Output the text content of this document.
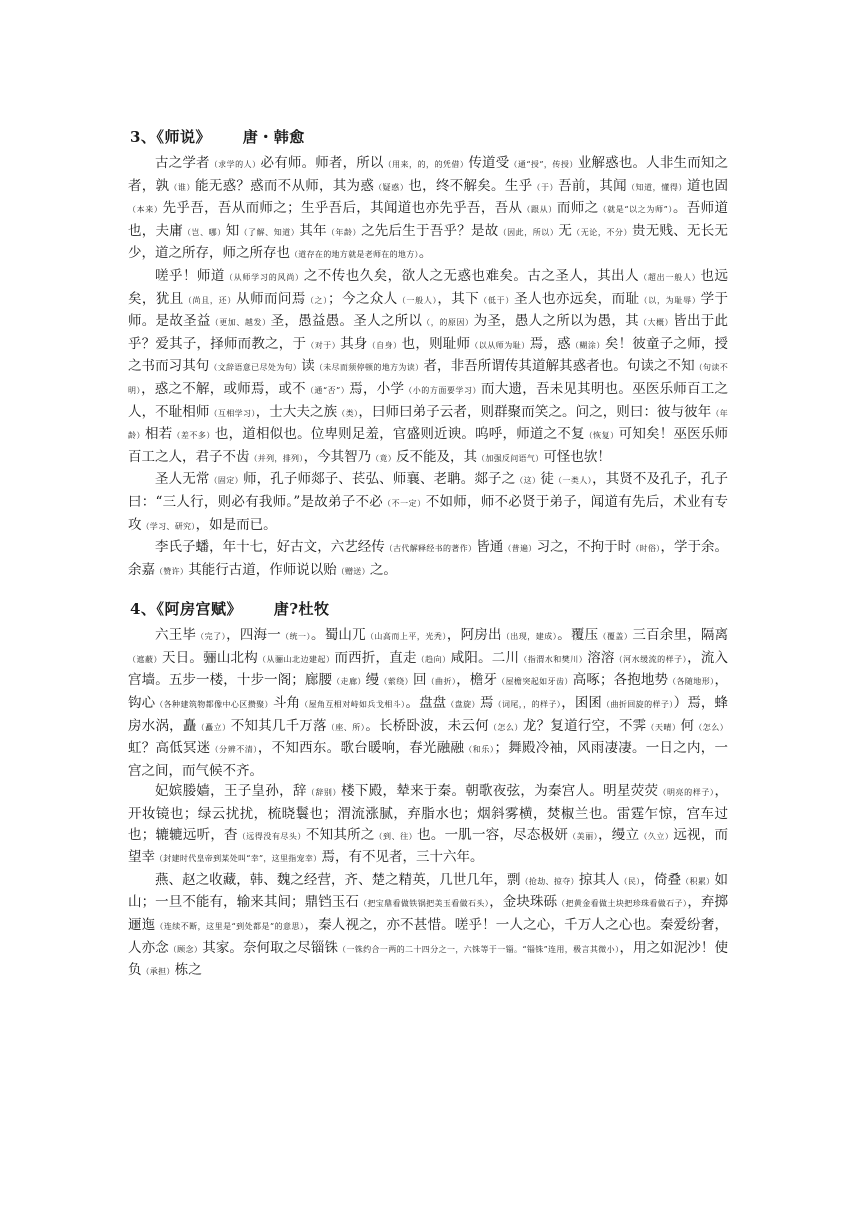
3、《师说》 唐・韩愈

古之学者（求学的人）必有师。师者，所以（用来，的，的凭借）传道受（通“授”，传授）业解惑也。人非生而知之者，孰（谁）能无惑？惑而不从师，其为惑（疑惑）也，终不解矣。生乎（于）吾前，其闻（知道，懂得）道也固（本来）先乎吾，吾从而师之；生乎吾后，其闻道也亦先乎吾，吾从（跟从）而师之（就是“以之为师”）。吾师道也，夫庸（岂、哪）知（了解、知道）其年（年龄）之先后生于吾乎？是故（因此，所以）无（无论，不分）贵无贱、无长无少，道之所存，师之所存也（道存在的地方就是老师在的地方）。

嗟乎！师道（从师学习的风尚）之不传也久矣，欲人之无惑也难矣。古之圣人，其出人（超出一般人）也远矣，犹且（尚且，还）从师而问焉（之）；今之众人（一般人），其下（低于）圣人也亦远矣，而耻（以，为耻辱）学于师。是故圣益（更加、越发）圣，愚益愚。圣人之所以（，的原因）为圣，愚人之所以为愚，其（大概）皆出于此乎？爱其子，择师而教之，于（对于）其身（自身）也，则耻师（以从师为耻）焉，惑（糊涂）矣！彼童子之师，授之书而习其句（文辞语意已尽处为句）读（未尽而须停顿的地方为读）者，非吾所谓传其道解其惑者也。句读之不知（句读不明），惑之不解，或师焉，或不（通“否”）焉，小学（小的方面要学习）而大遗，吾未见其明也。巫医乐师百工之人，不耻相师（互相学习），士大夫之族（类），曰师曰弟子云者，则群聚而笑之。问之，则曰：彼与彼年（年龄）相若（差不多）也，道相似也。位卑则足羞，官盛则近谀。呜呼，师道之不复（恢复）可知矣！巫医乐师百工之人，君子不齿（并列，排列），今其智乃（竟）反不能及，其（加强反问语气）可怪也欤！

圣人无常（固定）师，孔子师郯子、苌弘、师襄、老聃。郯子之（这）徒（一类人），其贤不及孔子，孔子曰：“三人行，则必有我师。”是故弟子不必（不一定）不如师，师不必贤于弟子，闻道有先后，术业有专攻（学习、研究），如是而已。

李氏子蟠，年十七，好古文，六艺经传（古代解释经书的著作）皆通（普遍）习之，不拘于时（时俗），学于余。余嘉（赞许）其能行古道，作师说以贻（赠送）之。

4、《阿房宫赋》 唐?杜牧

六王毕（完了），四海一（统一）。蜀山兀（山高而上平，光秃），阿房出（出现，建成）。覆压（覆盖）三百余里，隔离（遮蔽）天日。骊山北构（从骊山北边建起）而西折，直走（趋向）咸阳。二川（指渭水和樊川）溶溶（河水缓流的样子），流入宫墙。五步一楼，十步一阁；廊腰（走廊）缦（萦绕）回（曲折），檐牙（屋檐突起如牙齿）高啄；各抱地势（各随地形），钩心（各种建筑物都像中心区攒聚）斗角（屋角互相对峙如兵戈相斗）。盘盘（盘旋）焉（词尾，，的样子），囷囷（曲折回旋的样子））焉，蜂房水涡，矗（矗立）不知其几千万落（座、所）。长桥卧波，未云何（怎么）龙？复道行空，不霁（天晴）何（怎么）虹？高低冥迷（分辨不清），不知西东。歌台暖响，春光融融（和乐）；舞殿冷袖，风雨凄凄。一日之内，一宫之间，而气候不齐。

妃嫔媵嫱，王子皇孙，辞（辞别）楼下殿，辇来于秦。朝歌夜弦，为秦宫人。明星荧荧（明亮的样子），开妆镜也；绿云扰扰，梳晓鬟也；渭流涨腻，弃脂水也；烟斜雾横，焚椒兰也。雷霆乍惊，宫车过也；辘辘远听，杳（远得没有尽头）不知其所之（到、往）也。一肌一容，尽态极妍（美丽），缦立（久立）远视，而望幸（封建时代皇帝到某处叫“幸”，这里指宠幸）焉，有不见者，三十六年。

燕、赵之收藏，韩、魏之经营，齐、楚之精英，几世几年，剽（抢劫、掠夺）掠其人（民），倚叠（积累）如山；一旦不能有，输来其间；鼎铛玉石（把宝鼎看做铁锅把美玉看做石头），金块珠砾（把黄金看做土块把珍珠看做石子），弃掷逦迤（连续不断，这里是“到处都是”的意思），秦人视之，亦不甚惜。嗟乎！一人之心，千万人之心也。秦爱纷奢，人亦念（顾念）其家。奈何取之尽锱铢（一铢约合一两的二十四分之一，六铢等于一锱。“锱铢”连用，极言其微小），用之如泥沙！使负（承担）栋之
